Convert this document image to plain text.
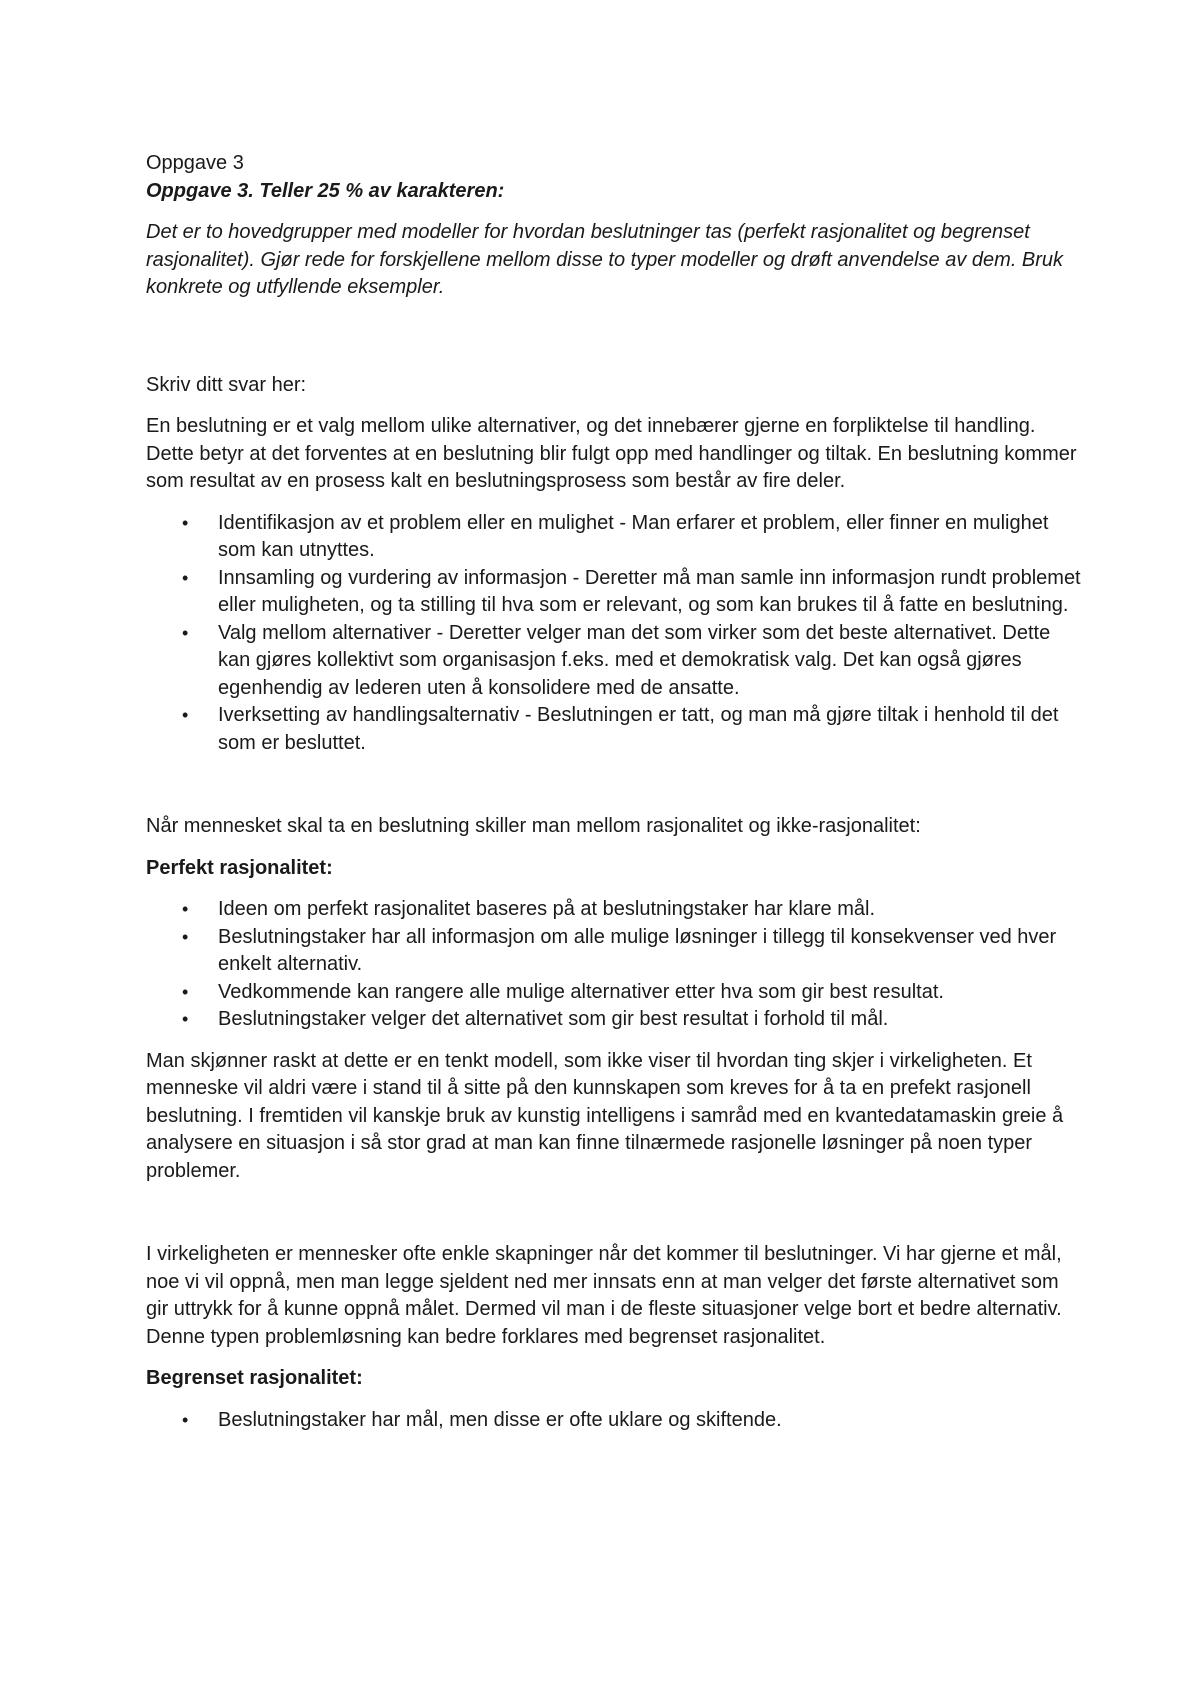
Oppgave 3

Oppgave 3. Teller 25 % av karakteren:

Det er to hovedgrupper med modeller for hvordan beslutninger tas (perfekt rasjonalitet og begrenset rasjonalitet). Gjør rede for forskjellene mellom disse to typer modeller og drøft anvendelse av dem. Bruk konkrete og utfyllende eksempler.

Skriv ditt svar her:

En beslutning er et valg mellom ulike alternativer, og det innebærer gjerne en forpliktelse til handling. Dette betyr at det forventes at en beslutning blir fulgt opp med handlinger og tiltak. En beslutning kommer som resultat av en prosess kalt en beslutningsprosess som består av fire deler.

• Identifikasjon av et problem eller en mulighet - Man erfarer et problem, eller finner en mulighet som kan utnyttes.
• Innsamling og vurdering av informasjon - Deretter må man samle inn informasjon rundt problemet eller muligheten, og ta stilling til hva som er relevant, og som kan brukes til å fatte en beslutning.
• Valg mellom alternativer - Deretter velger man det som virker som det beste alternativet. Dette kan gjøres kollektivt som organisasjon f.eks. med et demokratisk valg. Det kan også gjøres egenhendig av lederen uten å konsolidere med de ansatte.
• Iverksetting av handlingsalternativ - Beslutningen er tatt, og man må gjøre tiltak i henhold til det som er besluttet.

Når mennesket skal ta en beslutning skiller man mellom rasjonalitet og ikke-rasjonalitet:

Perfekt rasjonalitet:

• Ideen om perfekt rasjonalitet baseres på at beslutningstaker har klare mål.
• Beslutningstaker har all informasjon om alle mulige løsninger i tillegg til konsekvenser ved hver enkelt alternativ.
• Vedkommende kan rangere alle mulige alternativer etter hva som gir best resultat.
• Beslutningstaker velger det alternativet som gir best resultat i forhold til mål.

Man skjønner raskt at dette er en tenkt modell, som ikke viser til hvordan ting skjer i virkeligheten. Et menneske vil aldri være i stand til å sitte på den kunnskapen som kreves for å ta en prefekt rasjonell beslutning. I fremtiden vil kanskje bruk av kunstig intelligens i samråd med en kvantedatamaskin greie å analysere en situasjon i så stor grad at man kan finne tilnærmede rasjonelle løsninger på noen typer problemer.

I virkeligheten er mennesker ofte enkle skapninger når det kommer til beslutninger. Vi har gjerne et mål, noe vi vil oppnå, men man legge sjeldent ned mer innsats enn at man velger det første alternativet som gir uttrykk for å kunne oppnå målet. Dermed vil man i de fleste situasjoner velge bort et bedre alternativ. Denne typen problemløsning kan bedre forklares med begrenset rasjonalitet.

Begrenset rasjonalitet:

• Beslutningstaker har mål, men disse er ofte uklare og skiftende.
